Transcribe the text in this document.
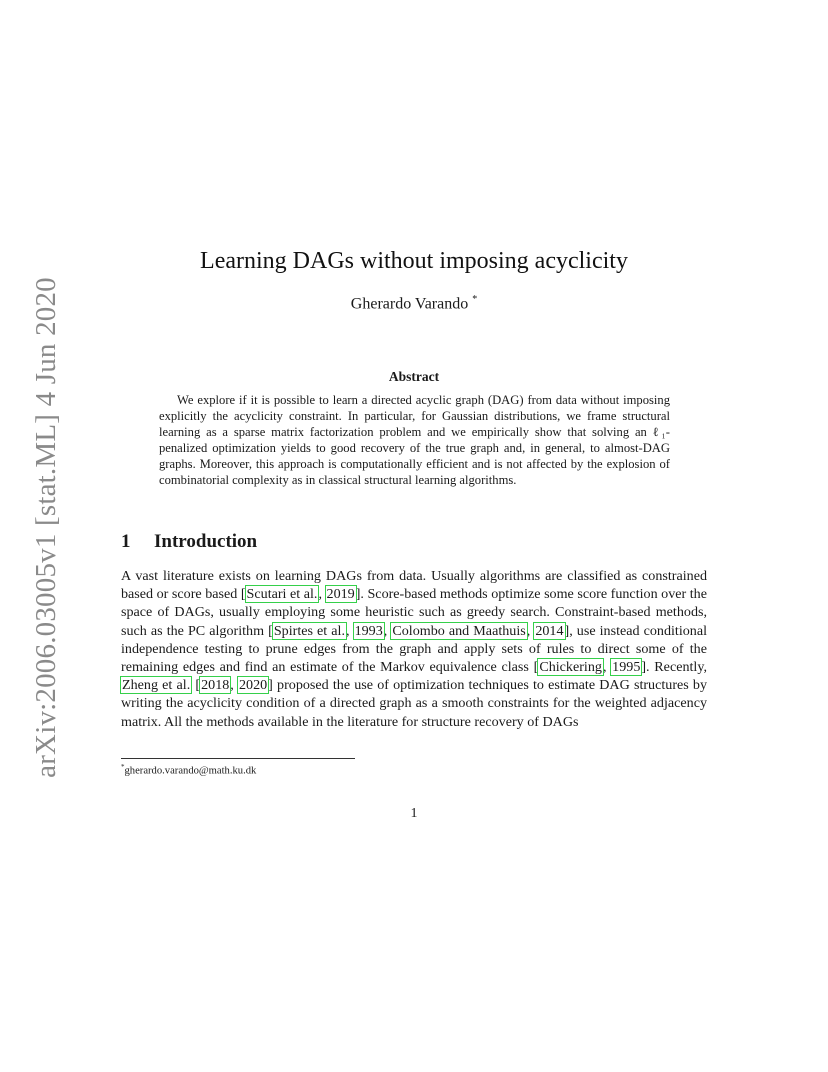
arXiv:2006.03005v1 [stat.ML] 4 Jun 2020
Learning DAGs without imposing acyclicity
Gherardo Varando *
Abstract
We explore if it is possible to learn a directed acyclic graph (DAG) from data without imposing explicitly the acyclicity constraint. In particular, for Gaussian distributions, we frame structural learning as a sparse matrix factorization problem and we empirically show that solving an ℓ₁-penalized optimization yields to good recovery of the true graph and, in general, to almost-DAG graphs. Moreover, this approach is computationally efficient and is not affected by the explosion of combinatorial complexity as in classical structural learning algorithms.
1 Introduction
A vast literature exists on learning DAGs from data. Usually algorithms are classified as constrained based or score based [Scutari et al., 2019]. Score-based methods optimize some score function over the space of DAGs, usually employing some heuristic such as greedy search. Constraint-based methods, such as the PC algorithm [Spirtes et al., 1993, Colombo and Maathuis, 2014], use instead conditional independence testing to prune edges from the graph and apply sets of rules to direct some of the remaining edges and find an estimate of the Markov equivalence class [Chickering, 1995]. Recently, Zheng et al. [2018, 2020] proposed the use of optimization techniques to estimate DAG structures by writing the acyclicity condition of a directed graph as a smooth constraints for the weighted adjacency matrix. All the methods available in the literature for structure recovery of DAGs
*gherardo.varando@math.ku.dk
1
